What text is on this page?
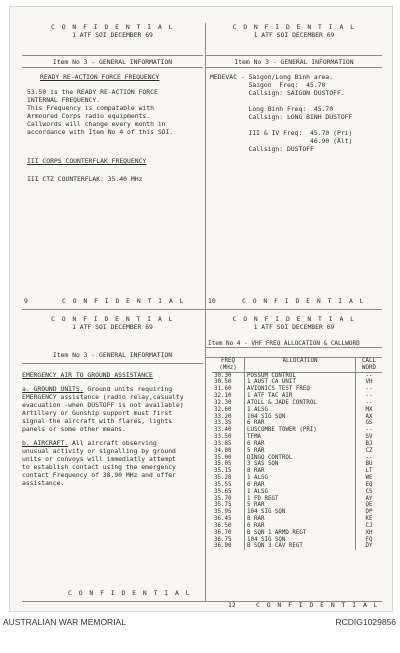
C O N F I D E N T I A L
1 ATF SOI DECEMBER 69
Item No 3 - GENERAL INFORMATION
READY RE-ACTION FORCE FREQUENCY
53.50 is the READY RE-ACTION FORCE
INTERNAL FREQUENCY.
This Frequency is compatable with
Armoured Corps radio equipments.
Callwords will change every month in
accordance with Item No 4 of this SOI.
III CORPS COUNTERFLAK FREQUENCY
III CTZ COUNTERFLAK: 35.40 MHz
9	C O N F I D E N T I A L
C O N F I D E N T I A L
1 ATF SOI DECEMBER 69
Item No 3 - GENERAL INFORMATION
MEDEVAC - Saigon/Long Binh area.
Saigon  Freq:  45.70
Callsign: SAIGON DUSTOFF.

Long Binh Freq:  45.70
Callsign: LONG BINH DUSTOFF

III & IV Freq:  45.70 (Pri)
46.90 (Alt)
Callsign: DUSTOFF
10	C O N F I D E N T I A L
C O N F I D E N T I A L
1 ATF SOI DECEMBER 69
Item No 3 - GENERAL INFORMATION
EMERGENCY AIR TO GROUND ASSISTANCE
a. GROUND UNITS. Ground units requiring
EMERGENCY assistance (radio relay,casualty
evacuation -when DUSTOFF is not available)
Artillery or Gunship support must first
signal the aircraft with flares, lights
panels or some other means.
b. AIRCRAFT. All aircraft observing
unusual activity or signalling by ground
units or convoys will immediatly attempt
to establish contact using the emergency
contact Frequency of 38.90 MHz and offer
assistance.
C O N F I D E N T I A L
C O N F I D E N T I A L
1 ATF SOI DECEMBER 69
Item No 4 - VHF FREQ ALLOCATION & CALLWORD
FREQ (MHz)	ALLOCATION	CALL WORD
30.30	POSSUM CONTROL	--
30.50	1 AUST CA UNIT	VH
31.60	AVIONICS TEST FREQ	--
32.10	1 ATF TAC AIR	--
32.30	ATOLL & JADE CONTROL	--
32.60	1 ALSG	MX
33.20	104 SIG SQN	AX
33.35	6 RAR	GS
33.40	LUSCOMBE TOWER (PRI)	--
33.50	TFMA	SV
33.85	6 RAR	BJ
34.80	5 RAR	CZ
35.00	DINGO CONTROL	--
35.05	3 SAS SQN	BU
35.15	8 RAR	LT
35.20	1 ALSG	WE
35.55	6 RAR	EQ
35.65	1 ALSG	CS
35.70	1 FD REGT	AY
35.75	5 RAR	QE
35.95	104 SIG SQN	DP
36.45	8 RAR	KE
36.50	6 RAR	CJ
36.70	B SQN 1 ARMD REGT	XH
36.75	104 SIG SQN	FQ
36.90	B SQN 3 CAV REGT	DY
12	C O N F I D E N T I A L
AUSTRALIAN WAR MEMORIAL	RCDIG1029856
